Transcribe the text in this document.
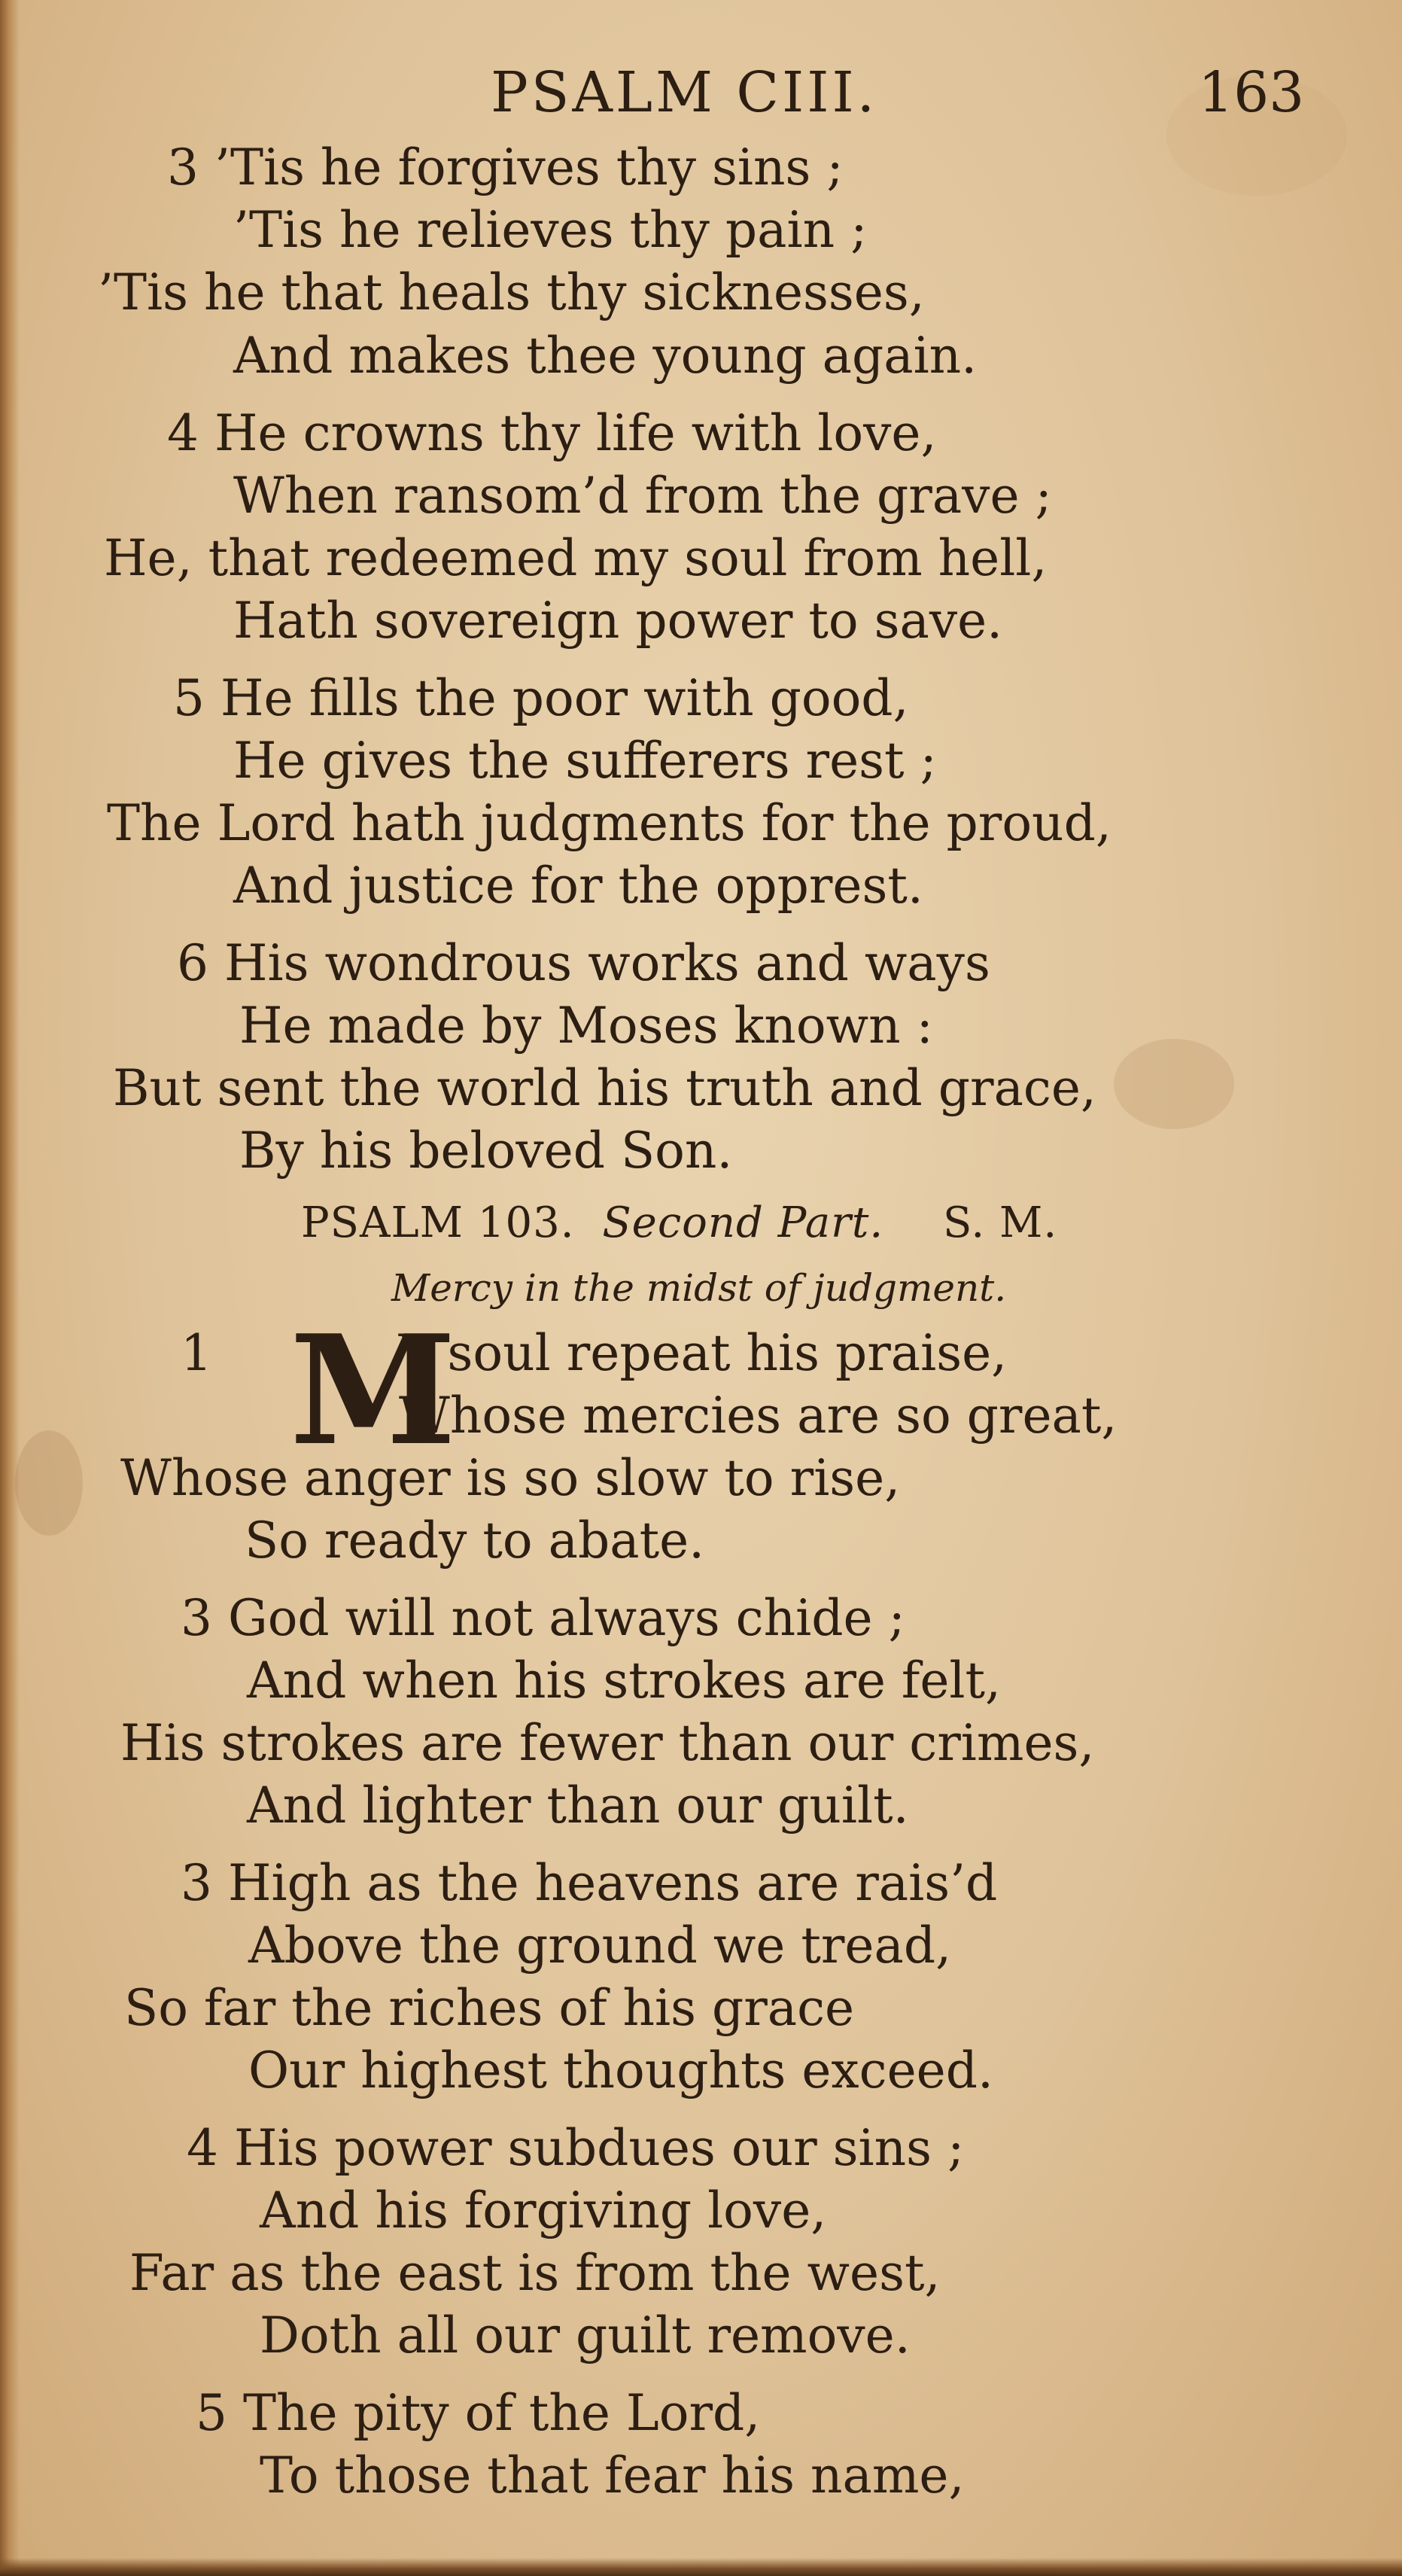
PSALM CIII.	163
3 ’Tis he forgives thy sins ;
’Tis he relieves thy pain ;
’Tis he that heals thy sicknesses,
And makes thee young again.
4 He crowns thy life with love,
When ransom’d from the grave ;
He, that redeemed my soul from hell,
Hath sovereign power to save.
5 He fills the poor with good,
He gives the sufferers rest ;
The Lord hath judgments for the proud,
And justice for the opprest.
6 His wondrous works and ways
He made by Moses known :
But sent the world his truth and grace,
By his beloved Son.
PSALM 103. Second Part. S. M.
Mercy in the midst of judgment.
1 M
Y soul repeat his praise,
Whose mercies are so great,
Whose anger is so slow to rise,
So ready to abate.
3 God will not always chide ;
And when his strokes are felt,
His strokes are fewer than our crimes,
And lighter than our guilt.
3 High as the heavens are rais’d
Above the ground we tread,
So far the riches of his grace
Our highest thoughts exceed.
4 His power subdues our sins ;
And his forgiving love,
Far as the east is from the west,
Doth all our guilt remove.
5 The pity of the Lord,
To those that fear his name,
